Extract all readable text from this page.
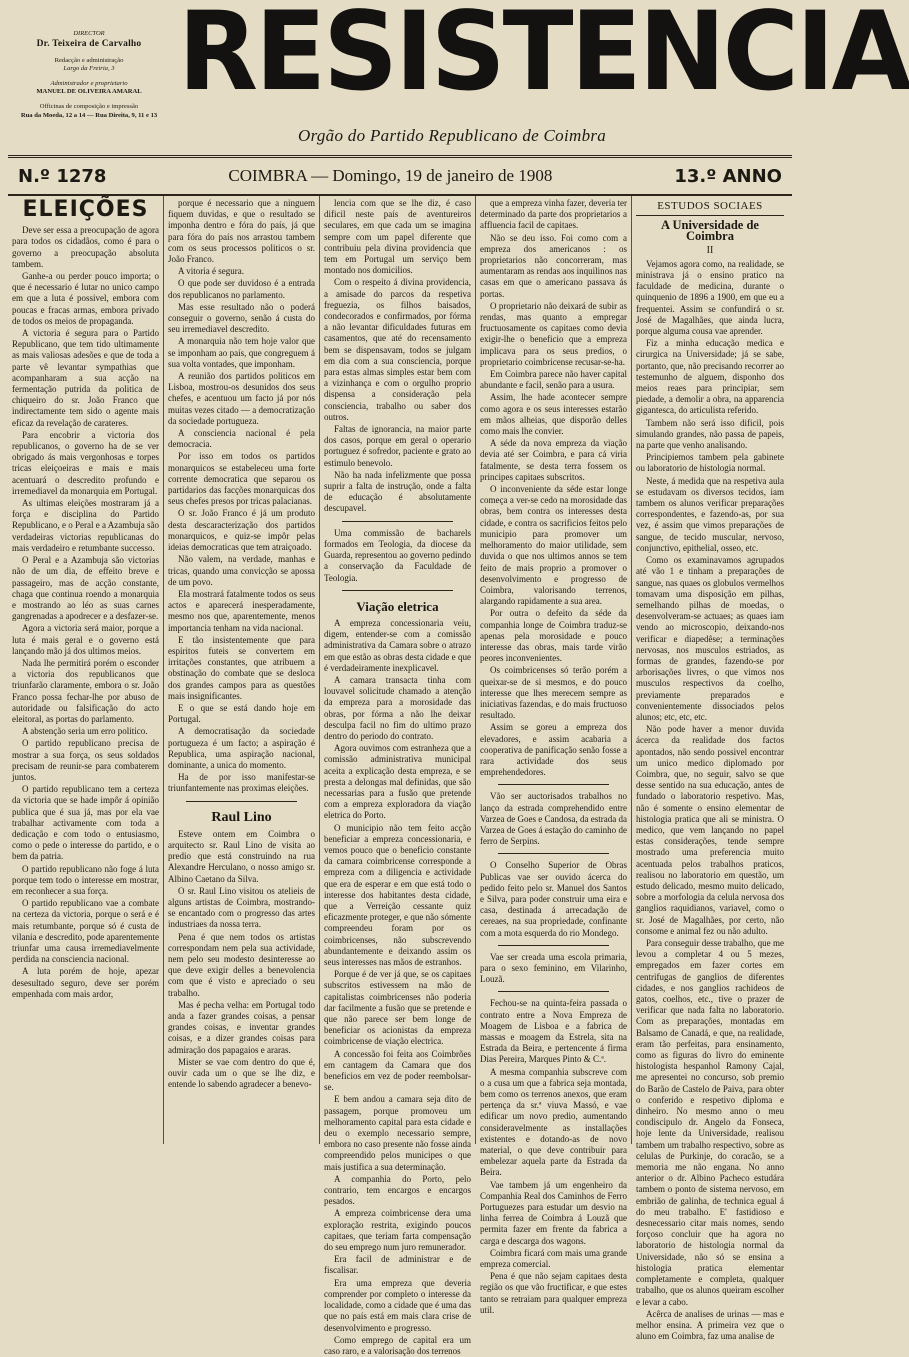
DIRECTOR
Dr. Teixeira de Carvalho
Redacção e administração
Largo da Freiria, 3
Administrador e proprietario
MANUEL DE OLIVEIRA AMARAL
Officinas de composição e impressão
Rua da Moeda, 12 a 14 — Rua Direita, 9, 11 e 13
RESISTENCIA
Orgão do Partido Republicano de Coimbra
N.º 1278	COIMBRA — Domingo, 19 de janeiro de 1908	13.º ANNO
ELEIÇÕES

Deve ser essa a preocupação de agora para todos os cidadãos, como é para o governo a preocupação absoluta tambem.

Ganhe-a ou perder pouco importa; o que é necessario é lutar no unico campo em que a luta é possivel, embora com poucas e fracas armas, embora privado de todos os meios de propaganda.

A victoria é segura para o Partido Republicano, que tem tido ultimamente as mais valiosas adesões e que de toda a parte vê levantar sympathias que acompanharam a sua acção na fermentação putrida da politica de chiqueiro do sr. João Franco que indirectamente tem sido o agente mais eficaz da revelação de carateres.

Para encobrir a victoria dos republicanos, o governo ha de se ver obrigado ás mais vergonhosas e torpes tricas eleiçoeiras e mais e mais acentuará o descredito profundo e irremediavel da monarquia em Portugal.

As ultimas eleições mostraram já a força e disciplina do Partido Republicano, e o Peral e a Azambuja são verdadeiras victorias republicanas do mais verdadeiro e retumbante successo.

O Peral e a Azambuja são victorias não de um dia, de effeito breve e passageiro, mas de acção constante, chaga que continua roendo a monarquia e mostrando ao léo as suas carnes gangrenadas a apodrecer e a desfazer-se.

Agora a victoria será maior, porque a luta é mais geral e o governo está lançando mão já dos ultimos meios.

Nada lhe permitirá porém o esconder a victoria dos republicanos que triunfarão claramente, embora o sr. João Franco possa fechar-lhe por abuso de autoridade ou falsificação do acto eleitoral, as portas do parlamento.

A abstenção seria um erro politico.

O partido republicano precisa de mostrar a sua força, os seus soldados precisam de reunir-se para combaterem juntos.

O partido republicano tem a certeza da victoria que se hade impôr á opinião publica que é sua já, mas por ela vae trabalhar activamente com toda a dedicação e com todo o entusiasmo, como o pede o interesse do partido, e o bem da patria.

O partido republicano não foge á luta porque tem todo o interesse em mostrar, em reconhecer a sua força.

O partido republicano vae a combate na certeza da victoria, porque o será e é mais retumbante, porque só é custa de vilania e descredito, pode aparentemente triunfar uma causa irremediavelmente perdida na consciencia nacional.

A luta porém de hoje, apezar desesultado seguro, deve ser porém empenhada com mais ardor,

porque é necessario que a ninguem fiquem duvidas, e que o resultado se imponha dentro e fóra do país, já que para fóra do país nos arrastou tambem com os seus processos politicos o sr. João Franco.

A vitoria é segura.

O que pode ser duvidoso é a entrada dos republicanos no parlamento.

Mas esse resultado não o poderá conseguir o governo, senão á custa do seu irremediavel descredito.

A monarquia não tem hoje valor que se imponham ao país, que congreguem á sua volta vontades, que imponham.

A reunião dos partidos politicos em Lisboa, mostrou-os desunidos dos seus chefes, e acentuou um facto já por nós muitas vezes citado — a democratização da sociedade portugueza.

A consciencia nacional é pela democracia.

Por isso em todos os partidos monarquicos se estabeleceu uma forte corrente democratica que separou os partidarios das facções monarquicas dos seus chefes presos por tricas palacianas.

O sr. João Franco é já um produto desta descaracterização dos partidos monarquicos, e quiz-se impôr pelas ideias democraticas que tem atraiçoado.

Não valem, na verdade, manhas e tricas, quando uma convicção se apossa de um povo.

Ela mostrará fatalmente todos os seus actos e aparecerá inesperadamente, mesmo nos que, aparentemente, menos importancia tenham na vida nacional.

E tão insistentemente que para espiritos futeis se convertem em irritações constantes, que atribuem a obstinação do combate que se desloca dos grandes campos para as questões mais insignificantes.

E o que se está dando hoje em Portugal.

A democratisação da sociedade portugueza é um facto; a aspiração é Republica, uma aspiração nacional, dominante, a unica do momento.

Ha de por isso manifestar-se triunfantemente nas proximas eleições.

Raul Lino

Esteve ontem em Coimbra o arquitecto sr. Raul Lino de visita ao predio que está construindo na rua Alexandre Herculano, o nosso amigo sr. Albino Caetano da Silva.

O sr. Raul Lino visitou os atelieis de alguns artistas de Coimbra, mostrando-se encantado com o progresso das artes industriaes da nossa terra.

Pena é que nem todos os artistas correspondam nem pela sua actividade, nem pelo seu modesto desinteresse ao que deve exigir delles a benevolencia com que é visto e apreciado o seu trabalho.

Mas é pecha velha: em Portugal todo anda a fazer grandes coisas, a pensar grandes coisas, e inventar grandes coisas, e a dizer grandes coisas para admiração dos papagaios e araras.

Mister se vae com dentro do que é, ouvir cada um o que se lhe diz, e entende lo sabendo agradecer a benevo-

lencia com que se lhe diz, é caso dificil neste país de aventureiros seculares, em que cada um se imagina sempre com um papel diferente que contribuiu pela divina providencia que tem em Portugal um serviço bem montado nos domicilios.

Com o respeito á divina providencia, a amisade do parcos da respetiva freguezia, os filhos baisados, condecorados e confirmados, por fórma a não levantar dificuldades futuras em casamentos, que até do recensamento bem se dispensavam, todos se julgam em dia com a sua consciencia, porque para estas almas simples estar bem com a vizinhança e com o orgulho proprio dispensa a consideração pela consciencia, trabalho ou saber dos outros.

Faltas de ignorancia, na maior parte dos casos, porque em geral o operario portuguez é sofredor, paciente e grato ao estimulo benevolo.

Não ha nada infelizmente que possa suprir a falta de instrução, onde a falta de educação é absolutamente descupavel.

Uma commissão de bacharels formados em Teologia, da diocese da Guarda, representou ao governo pedindo a conservação da Faculdade de Teologia.

Viação eletrica

A empreza concessionaria veiu, digem, entender-se com a comissão administrativa da Camara sobre o atrazo em que estão as obras desta cidade e que é verdadeiramente inexplicavel.

A camara transacta tinha com louvavel solicitude chamado a atenção da empreza para a morosidade das obras, por fórma a não lhe deixar desculpa facil no fim do ultimo prazo dentro do periodo do contrato.

Agora ouvimos com estranheza que a comissão administrativa municipal aceita a explicação desta empreza, e se presta a delongas mal definidas, que são necessarias para a fusão que pretende com a empreza exploradora da viação eletrica do Porto.

O municipio não tem feito acção beneficiar a empreza concessionaria, e vemos pouco que o beneficio constante da camara coimbricense corresponde a empreza com a diligencia e actividade que era de esperar e em que está todo o interesse dos habitantes desta cidade, que a Verreição cessante quiz eficazmente proteger, e que não sómente compreendeu foram por os coimbricenses, não subscrevendo abundantemente e deixando assim os seus interesses nas mãos de estranhos.

Porque é de ver já que, se os capitaes subscritos estivessem na mão de capitalistas coimbricenses não poderia dar facilmente a fusão que se pretende e que não parece ser bem longe de beneficiar os acionistas da empreza coimbricense de viação electrica.

A concessão foi feita aos Coimbrões em cantagem da Camara que dos beneficios em vez de poder reembolsar-se.

E bem andou a camara seja dito de passagem, porque promoveu um melhoramento capital para esta cidade e deu o exemplo necessario sempre, embora no caso presente não fosse ainda compreendido pelos municipes o que mais justifica a sua determinação.

A companhia do Porto, pelo contrario, tem encargos e encargos pesados.

A empreza coimbricense dera uma exploração restrita, exigindo poucos capitaes, que teriam farta compensação do seu emprego num juro remunerador.

Era facil de administrar e de fiscalisar.

Era uma empreza que deveria comprender por completo o interesse da localidade, como a cidade que é uma das que no país está em mais clara crise de desenvolvimento e progresso.

Como emprego de capital era um caso raro, e a valorisação dos terrenos

que a empreza vinha fazer, deveria ter determinado da parte dos proprietarios a affluencia facil de capitaes.

Não se deu isso. Foi como com a empreza dos americanos : os proprietarios não concorreram, mas aumentaram as rendas aos inquilinos nas casas em que o americano passava ás portas.

O proprietario não deixará de subir as rendas, mas quanto a empregar fructuosamente os capitaes como devia exigir-lhe o beneficio que a empreza implicava para os seus predios, o proprietario coimbricense recusar-se-ha.

Em Coimbra parece não haver capital abundante e facil, senão para a usura.

Assim, lhe hade acontecer sempre como agora e os seus interesses estarão em mãos alheias, que disporão delles como mais lhe convier.

A séde da nova empreza da viação devia até ser Coimbra, e para cá viria fatalmente, se desta terra fossem os principes capitaes subscritos.

O inconveniente da séde estar longe começa a ver-se cedo na morosidade das obras, bem contra os interesses desta cidade, e contra os sacrificios feitos pelo municipio para promover um melhoramento do maior utilidade, sem duvida o que nos ultimos annos se tem feito de mais proprio a promover o desenvolvimento e progresso de Coimbra, valorisando terrenos, alargando rapidamente a sua area.

Por outra o defeito da séde da companhia longe de Coimbra traduz-se apenas pela morosidade e pouco interesse das obras, mais tarde virão peores inconvenientes.

Os coimbricenses só terão porém a queixar-se de si mesmos, e do pouco interesse que lhes merecem sempre as iniciativas fazendas, e do mais fructuoso resultado.

Assim se goreu a empreza dos elevadores, e assim acabaria a cooperativa de panificação senão fosse a rara actividade dos seus emprehendedores.

Vão ser auctorisados trabalhos no lanço da estrada comprehendido entre Varzea de Goes e Candosa, da estrada da Varzea de Goes á estação do caminho de ferro de Serpins.

O Conselho Superior de Obras Publicas vae ser ouvido ácerca do pedido feito pelo sr. Manuel dos Santos e Silva, para poder construir uma eira e casa, destinada á arrecadação de cereaes, na sua propriedade, confinante com a mota esquerda do rio Mondego.

Vae ser creada uma escola primaria, para o sexo feminino, em Vilarinho, Louzã.

Fechou-se na quinta-feira passada o contrato entre a Nova Empreza de Moagem de Lisboa e a fabrica de massas e moagem da Estrela, sita na Estrada da Beira, e pertencente á firma Dias Pereira, Marques Pinto & C.ª.

A mesma companhia subscreve com o a cusa um que a fabrica seja montada, bem como os terrenos anexos, que eram pertença da sr.ª viuva Massó, e vae edificar um novo predio, aumentando consideravelmente as installações existentes e dotando-as de novo material, o que deve contribuir para embelezar aquela parte da Estrada da Beira.

Vae tambem já um engenheiro da Companhia Real dos Caminhos de Ferro Portuguezes para estudar um desvio na linha ferrea de Coimbra á Louzã que permita fazer em frente da fabrica a carga e descarga dos wagons.

Coimbra ficará com mais uma grande empreza comercial.

Pena é que não sejam capitaes desta região os que vão fructificar, e que estes tanto se retraiam para qualquer empreza util.

ESTUDOS SOCIAES
A Universidade de Coimbra
II

Vejamos agora como, na realidade, se ministrava já o ensino pratico na faculdade de medicina, durante o quinquenio de 1896 a 1900, em que eu a frequentei. Assim se confundirá o sr. José de Magalhães, que ainda lucra, porque alguma cousa vae aprender.

Fiz a minha educação medica e cirurgica na Universidade; já se sabe, portanto, que, não precisando recorrer ao testemunho de alguem, disponho dos meios reaes para principiar, sem piedade, a demolir a obra, na apparencia gigantesca, do articulista referido.

Tambem não será isso dificil, pois simulando grandes, não passa de papeis, na parte que venho analisando.

Principiemos tambem pela gabinete ou laboratorio de histologia normal.

Neste, á medida que na respetiva aula se estudavam os diversos tecidos, iam tambem os alunos verificar preparações correspondentes, e fazendo-as, por sua vez, é assim que vimos preparações de sangue, de tecido muscular, nervoso, conjunctivo, epithelial, osseo, etc.

Como os examinavamos agrupados até vão 1 e tinham a preparações de sangue, nas quaes os globulos vermelhos tomavam uma disposição em pilhas, semelhando pilhas de moedas, o desenvolveram-se actuaes; as quaes iam vendo ao microscopio, deixando-nos verificar e diapedêse; a terminações nervosas, nos musculos estriados, as formas de grandes, fazendo-se por arborisações livres, o que vimos nos musculos respectivos da coelho, previamente preparados e convenientemente dissociados pelos alunos; etc, etc, etc.

Não pode haver a menor duvida ácerca da realidade dos factos apontados, não sendo possivel encontrar um unico medico diplomado por Coimbra, que, no seguir, salvo se que desse sentido na sua educação, antes de fundado o laboratorio respetivo. Mas, não é somente o ensino elementar de histologia pratica que ali se ministra. O medico, que vem lançando no papel estas considerações, tende sempre mostrado uma preferencia muito acentuada pelos trabalhos praticos, realisou no laboratorio em questão, um estudo delicado, mesmo muito delicado, sobre a morfologia da celula nervosa dos ganglios raquidianos, variavel, como o sr. José de Magalhães, por certo, não consome e animal fez ou não adulto.

Para conseguir desse trabalho, que me levou a completar 4 ou 5 mezes, empregados em fazer cortes em centrifugas de ganglios de diferentes cidades, e nos ganglios rachideos de gatos, coelhos, etc., tive o prazer de verificar que nada falta no laboratorio. Com as preparações, montadas em Balsamo de Canadá, e que, na realidade, eram tão perfeitas, para ensinamento, como as figuras do livro do eminente histologista hespanhol Ramony Cajal, me apresentei no concurso, sob premio do Barão de Castelo de Paiva, para obter o conferido e respetivo diploma e dinheiro. No mesmo anno o meu condiscipulo dr. Angelo da Fonseca, hoje lente da Universidade, realisou tambem um trabalho respectivo, sobre as celulas de Purkinje, do coracão, se a memoria me não engana. No anno anterior o dr. Albino Pacheco estudára tambem o ponto de sistema nervoso, em embrião de galinha, de technica egual á do meu trabalho. E' fastidioso e desnecessario citar mais nomes, sendo forçoso concluir que ha agora no laboratorio de histologia normal da Universidade, não só se ensina a histologia pratica elementar completamente e completa, qualquer trabalho, que os alunos queiram escolher e levar a cabo.

Acêrca de analises de urinas — mas e melhor ensina. A primeira vez que o aluno em Coimbra, faz uma analise de
